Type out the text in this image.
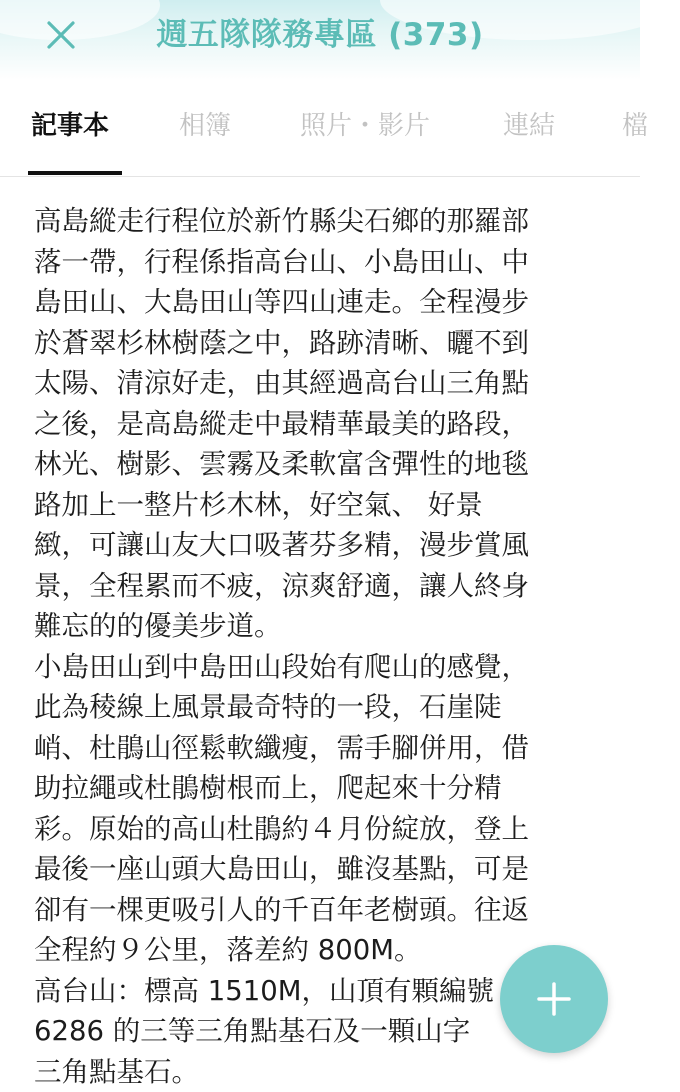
週五隊隊務專區 (373)
記事本	相簿	照片・影片	連結	檔

高島縱走行程位於新竹縣尖石鄉的那羅部
落一帶，行程係指高台山、小島田山、中
島田山、大島田山等四山連走。全程漫步
於蒼翠杉林樹蔭之中，路跡清晰、曬不到
太陽、清涼好走，由其經過高台山三角點
之後，是高島縱走中最精華最美的路段，
林光、樹影、雲霧及柔軟富含彈性的地毯
路加上一整片杉木林，好空氣、 好景
緻，可讓山友大口吸著芬多精，漫步賞風
景，全程累而不疲，涼爽舒適，讓人終身
難忘的的優美步道。

小島田山到中島田山段始有爬山的感覺，
此為稜線上風景最奇特的一段，石崖陡
峭、杜鵑山徑鬆軟纖瘦，需手腳併用，借
助拉繩或杜鵑樹根而上，爬起來十分精
彩。原始的高山杜鵑約４月份綻放，登上
最後一座山頭大島田山，雖沒基點，可是
卻有一棵更吸引人的千百年老樹頭。往返
全程約９公里，落差約 800M。

高台山：標高 1510M，山頂有顆編號
6286 的三等三角點基石及一顆山字
三角點基石。
